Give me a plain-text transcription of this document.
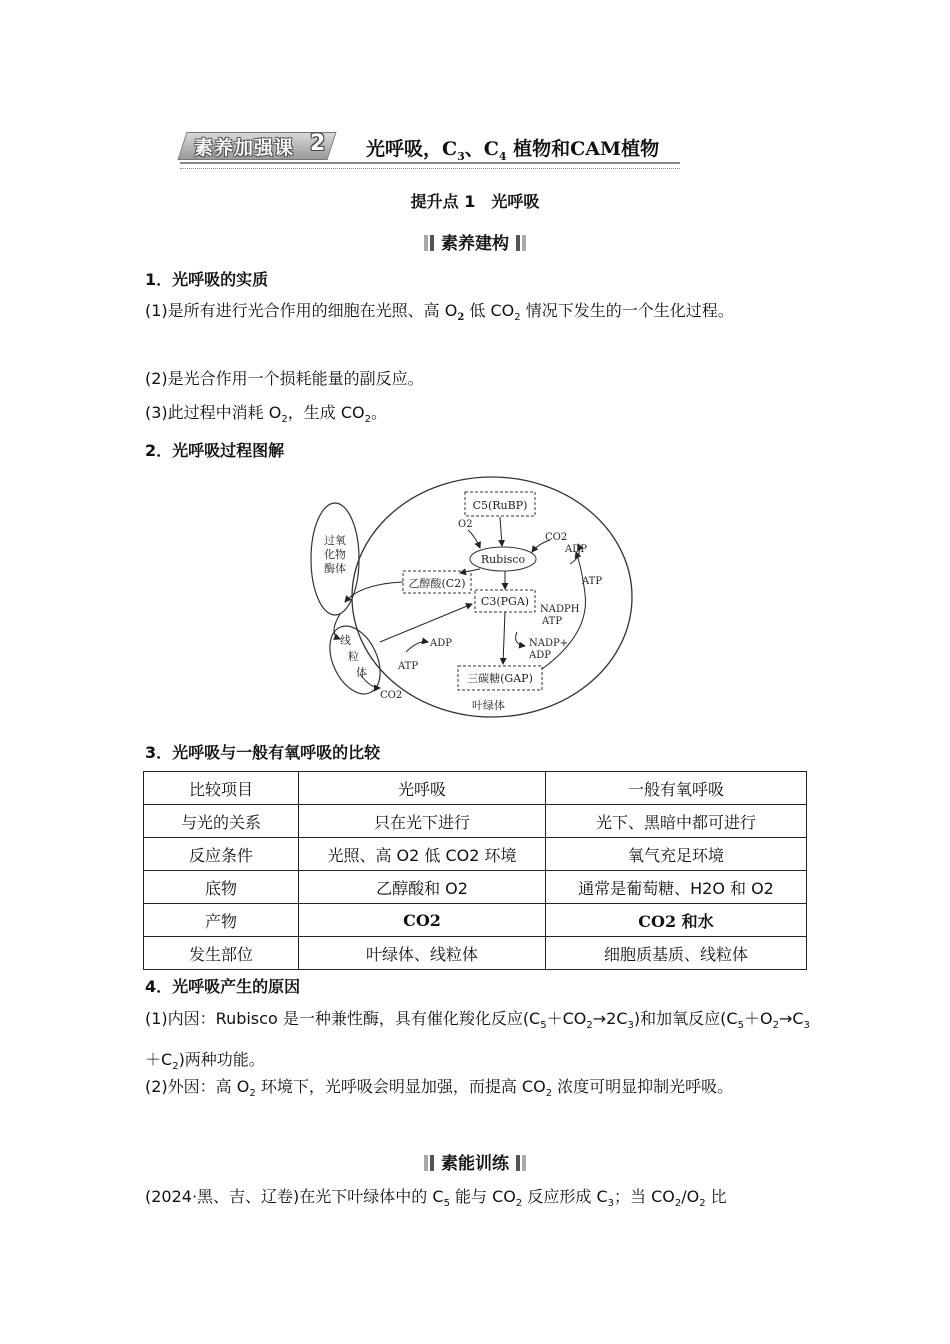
素养加强课 2 光呼吸，$C_3$、$C_4$ 植物和CAM植物
提升点 1　光呼吸
素养建构
1．光呼吸的实质
(1)是所有进行光合作用的细胞在光照、高 $O_2$ 低 $CO_2$ 情况下发生的一个生化过程。
(2)是光合作用一个损耗能量的副反应。
(3)此过程中消耗 $O_2$，生成 $CO_2$。
2．光呼吸过程图解
C5(RuBP)
Rubisco
乙醇酸(C2)
C3(PGA)
三碳糖(GAP)
O2
CO2
ADP
ATP
NADPH
ATP
NADP+
ADP
叶绿体
ADP
ATP
CO2
过氧
化物
酶体
线
粒
体
3．光呼吸与一般有氧呼吸的比较
比较项目	光呼吸	一般有氧呼吸
与光的关系	只在光下进行	光下、黑暗中都可进行
反应条件	光照、高 O2 低 CO2 环境	氧气充足环境
底物	乙醇酸和 O2	通常是葡萄糖、H2O 和 O2
产物	CO2	CO2 和水
发生部位	叶绿体、线粒体	细胞质基质、线粒体
4．光呼吸产生的原因
(1)内因：Rubisco 是一种兼性酶，具有催化羧化反应$(C_5+CO_2\to 2C_3)$和加氧反应$(C_5+O_2\to C_3+C_2)$两种功能。
(2)外因：高 $O_2$ 环境下，光呼吸会明显加强，而提高 $CO_2$ 浓度可明显抑制光呼吸。
素能训练
(2024·黑、吉、辽卷)在光下叶绿体中的 $C_5$ 能与 $CO_2$ 反应形成 $C_3$；当 $CO_2/O_2$ 比
